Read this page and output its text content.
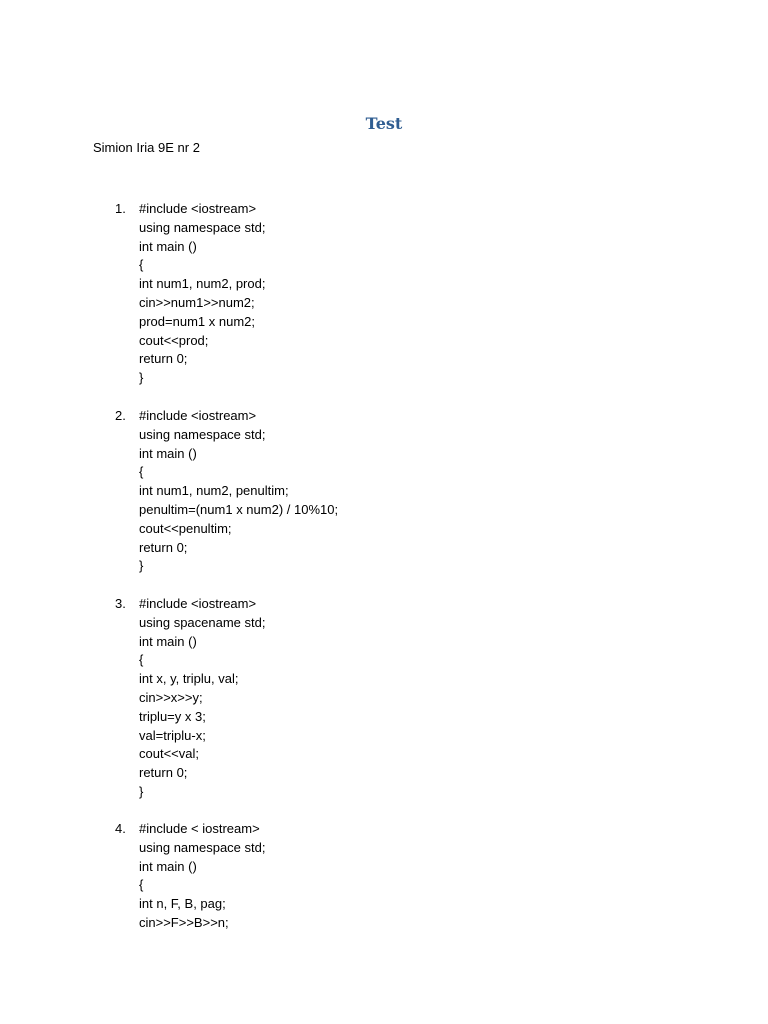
Test

Simion Iria 9E nr 2

1. #include <iostream>
using namespace std;
int main ()
{
int num1, num2, prod;
cin>>num1>>num2;
prod=num1 x num2;
cout<<prod;
return 0;
}
2. #include <iostream>
using namespace std;
int main ()
{
int num1, num2, penultim;
penultim=(num1 x num2) / 10%10;
cout<<penultim;
return 0;
}
3. #include <iostream>
using spacename std;
int main ()
{
int x, y, triplu, val;
cin>>x>>y;
triplu=y x 3;
val=triplu-x;
cout<<val;
return 0;
}
4. #include < iostream>
using namespace std;
int main ()
{
int n, F, B, pag;
cin>>F>>B>>n;
